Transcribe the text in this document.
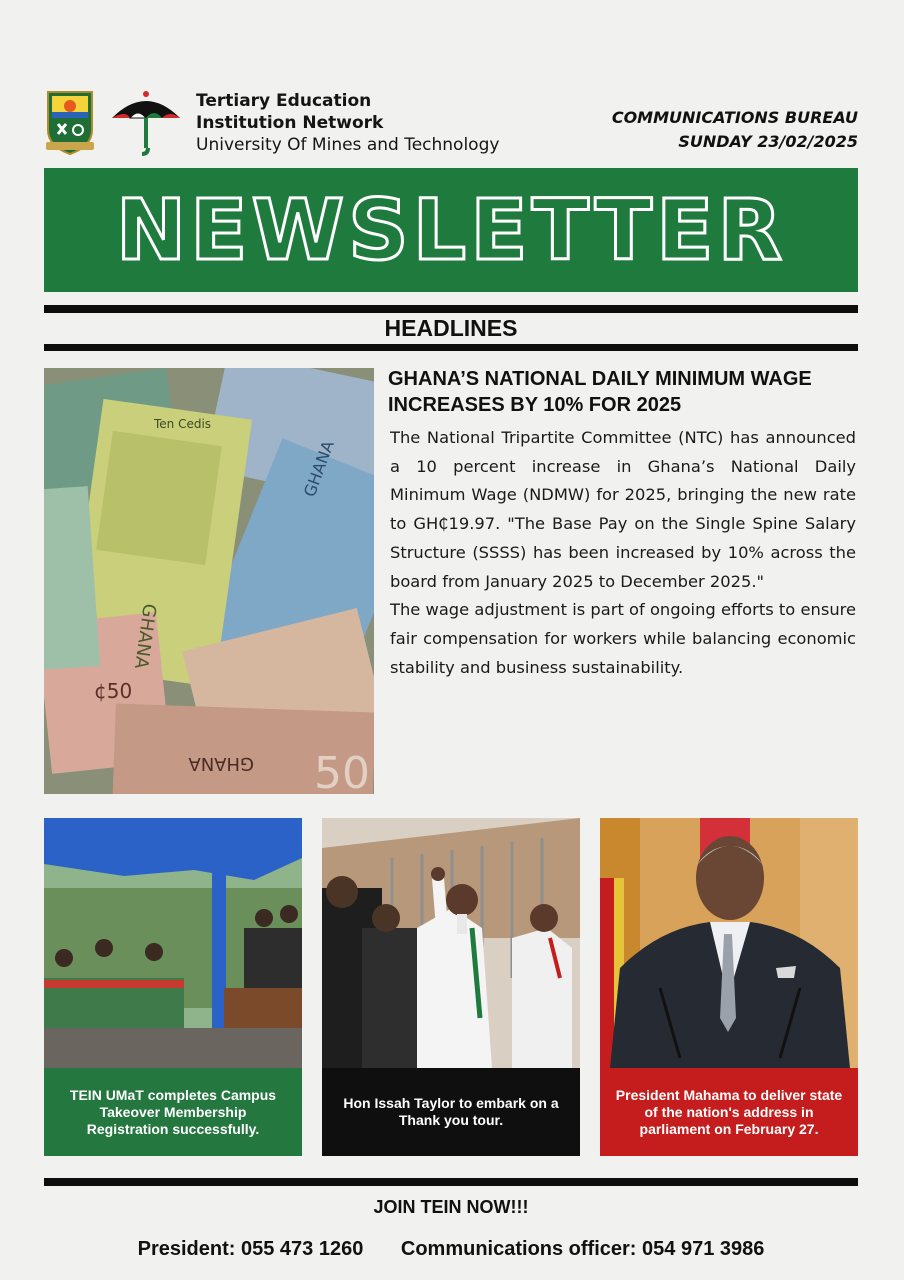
Tertiary Education
Institution Network
University Of Mines and Technology
COMMUNICATIONS BUREAU
SUNDAY 23/02/2025
NEWSLETTER
HEADLINES
GHANA
GHANA
¢50
GHANA
Ten Cedis
50
GHANA’S NATIONAL DAILY MINIMUM WAGE INCREASES BY 10% FOR 2025

The National Tripartite Committee (NTC) has announced a 10 percent increase in Ghana’s National Daily Minimum Wage (NDMW) for 2025, bringing the new rate to GH₵19.97. "The Base Pay on the Single Spine Salary Structure (SSSS) has been increased by 10% across the board from January 2025 to December 2025."

The wage adjustment is part of ongoing efforts to ensure fair compensation for workers while balancing economic stability and business sustainability.

TEIN UMaT completes Campus Takeover Membership Registration successfully.
Hon Issah Taylor to embark on a Thank you tour.
President Mahama to deliver state of the nation's address in parliament on February 27.
JOIN TEIN NOW!!!
President: 055 473 1260 Communications officer: 054 971 3986
